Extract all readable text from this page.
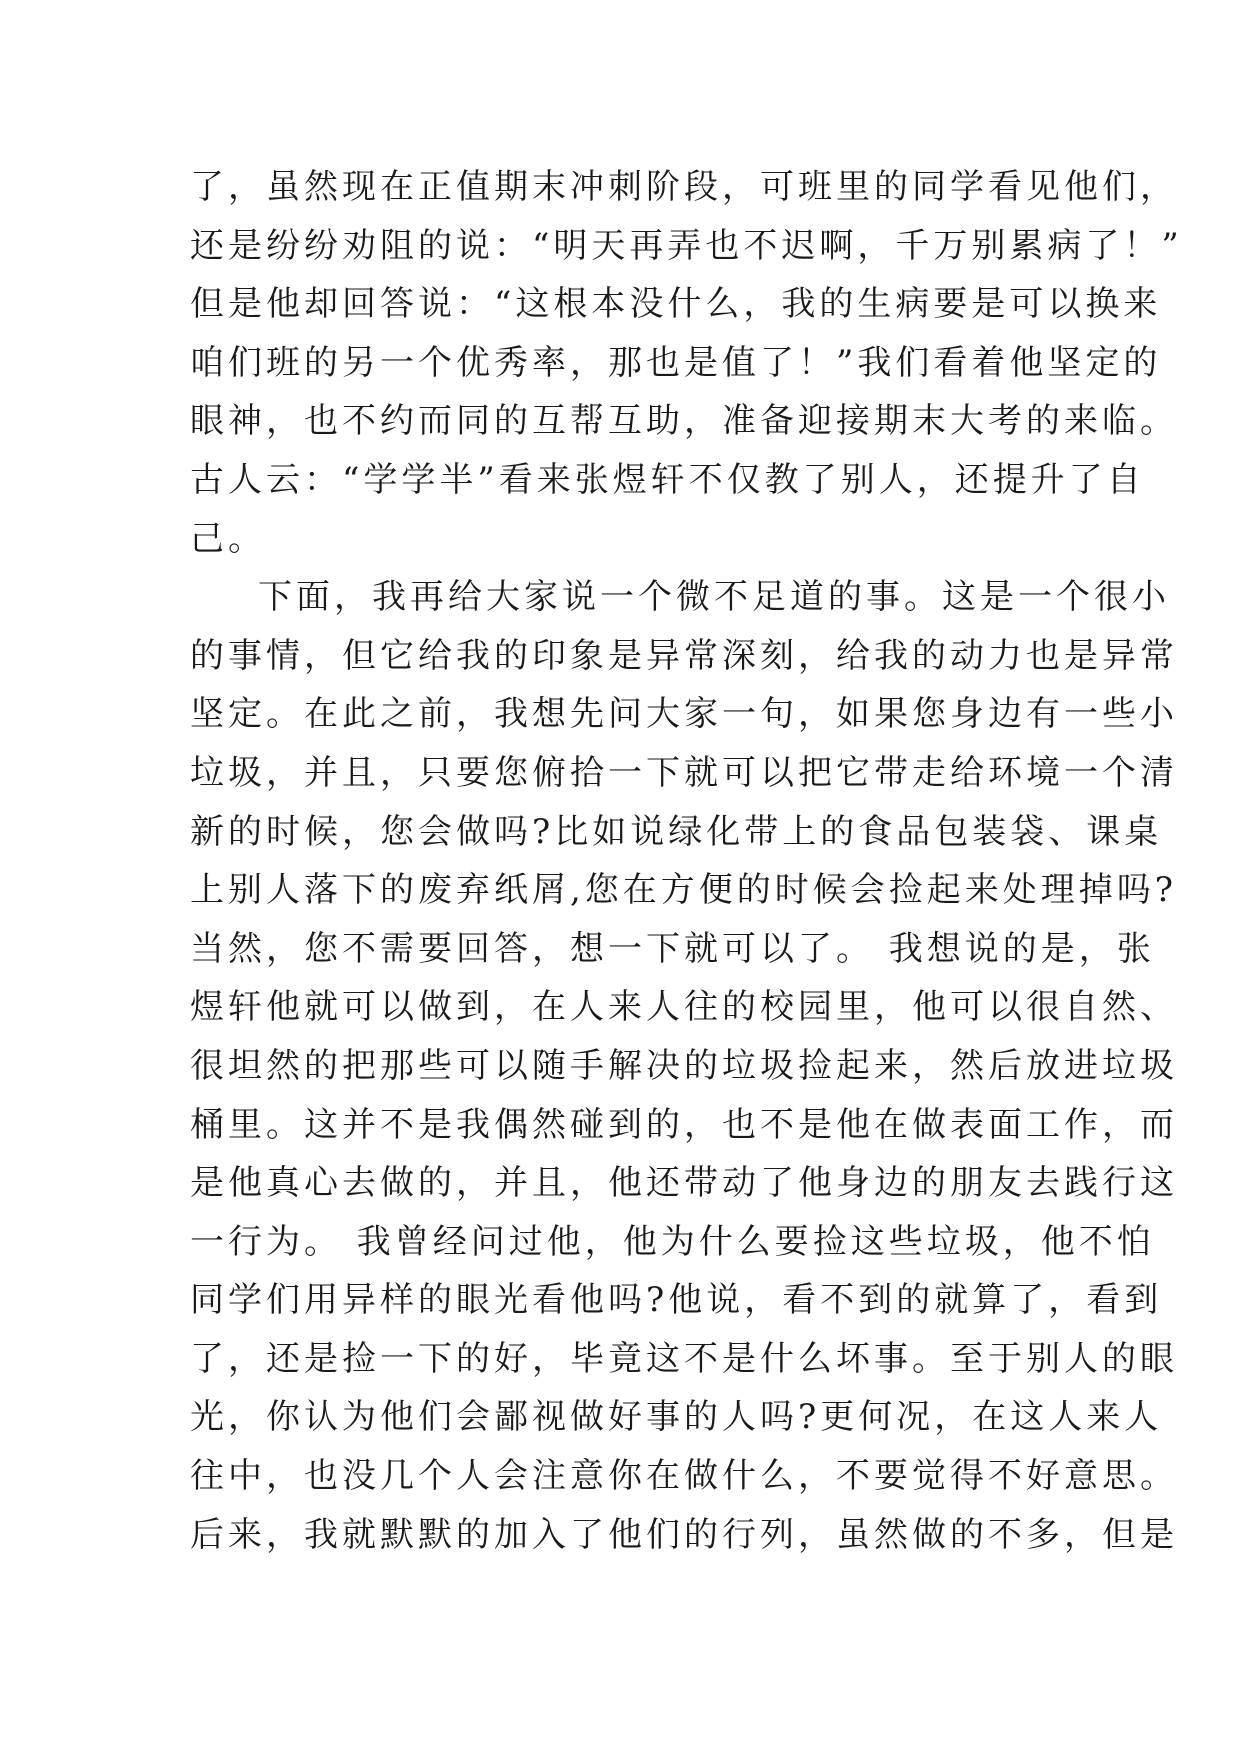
了，虽然现在正值期末冲刺阶段，可班里的同学看见他们，
还是纷纷劝阻的说：“明天再弄也不迟啊，千万别累病了！”
但是他却回答说：“这根本没什么，我的生病要是可以换来
咱们班的另一个优秀率，那也是值了！”我们看着他坚定的
眼神，也不约而同的互帮互助，准备迎接期末大考的来临。
古人云：“学学半”看来张煜轩不仅教了别人，还提升了自
己。
下面，我再给大家说一个微不足道的事。这是一个很小
的事情，但它给我的印象是异常深刻，给我的动力也是异常
坚定。在此之前，我想先问大家一句，如果您身边有一些小
垃圾，并且，只要您俯拾一下就可以把它带走给环境一个清
新的时候，您会做吗?比如说绿化带上的食品包装袋、课桌
上别人落下的废弃纸屑,您在方便的时候会捡起来处理掉吗?
当然，您不需要回答，想一下就可以了。 我想说的是，张
煜轩他就可以做到，在人来人往的校园里，他可以很自然、
很坦然的把那些可以随手解决的垃圾捡起来，然后放进垃圾
桶里。这并不是我偶然碰到的，也不是他在做表面工作，而
是他真心去做的，并且，他还带动了他身边的朋友去践行这
一行为。 我曾经问过他，他为什么要捡这些垃圾，他不怕
同学们用异样的眼光看他吗?他说，看不到的就算了，看到
了，还是捡一下的好，毕竟这不是什么坏事。至于别人的眼
光，你认为他们会鄙视做好事的人吗?更何况，在这人来人
往中，也没几个人会注意你在做什么，不要觉得不好意思。
后来，我就默默的加入了他们的行列，虽然做的不多，但是
